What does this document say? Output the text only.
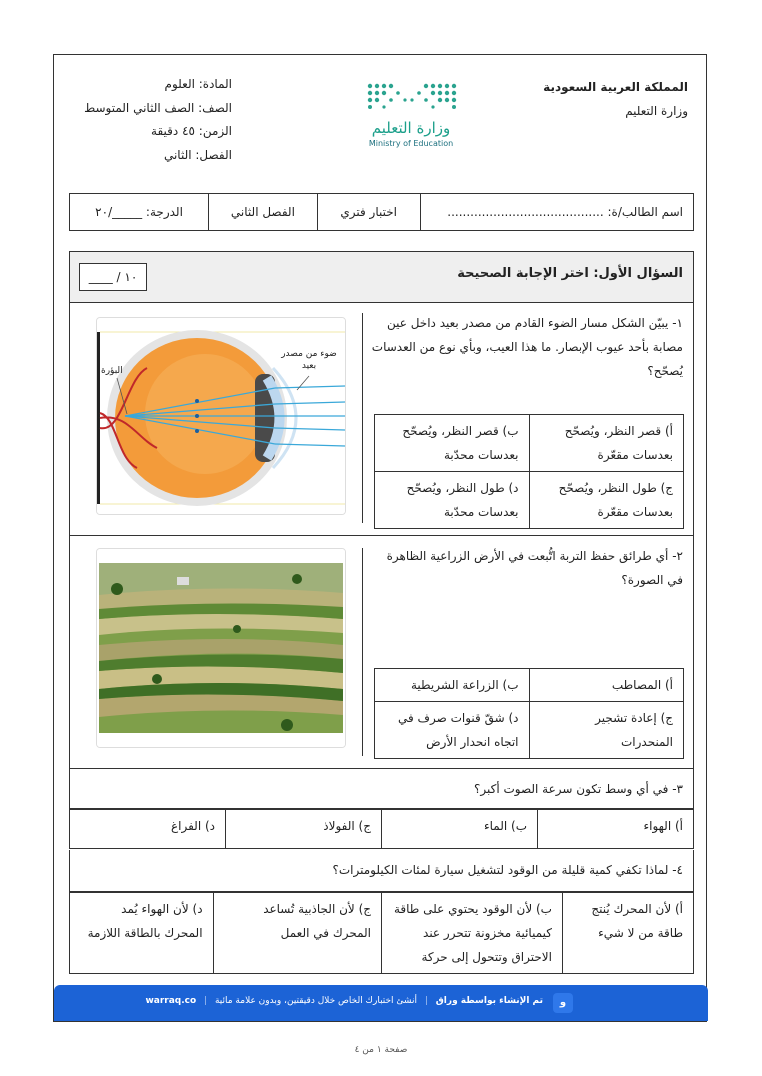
المملكة العربية السعودية
وزارة التعليم
وزارة التعليم
Ministry of Education
المادة: العلوم
الصف: الصف الثاني المتوسط
الزمن: ٤٥ دقيقة
الفصل: الثاني
اسم الطالب/ة: .........................................
اختبار فتري
الفصل الثاني
الدرجة: _____/٢٠
السؤال الأول: اختر الإجابة الصحيحة
____ / ١٠
١- يبيّن الشكل مسار الضوء القادم من مصدر بعيد داخل عين مصابة بأحد عيوب الإبصار. ما هذا العيب، وبأي نوع من العدسات يُصحّح؟
أ) قصر النظر، ويُصحّح بعدسات مقعّرة	ب) قصر النظر، ويُصحّح بعدسات محدّبة
ج) طول النظر، ويُصحّح بعدسات مقعّرة	د) طول النظر، ويُصحّح بعدسات محدّبة
ضوء من مصدر بعيد
البؤرة
٢- أي طرائق حفظ التربة اتُّبعت في الأرض الزراعية الظاهرة في الصورة؟
أ) المصاطب	ب) الزراعة الشريطية
ج) إعادة تشجير المنحدرات	د) شقّ قنوات صرف في اتجاه انحدار الأرض
٣- في أي وسط تكون سرعة الصوت أكبر؟
أ) الهواء	ب) الماء	ج) الفولاذ	د) الفراغ
٤- لماذا تكفي كمية قليلة من الوقود لتشغيل سيارة لمئات الكيلومترات؟
أ) لأن المحرك يُنتج طاقة من لا شيء	ب) لأن الوقود يحتوي على طاقة كيميائية مخزونة تتحرر عند الاحتراق وتتحول إلى حركة	ج) لأن الجاذبية تُساعد المحرك في العمل	د) لأن الهواء يُمد المحرك بالطاقة اللازمة
و
تم الإنشاء بواسطة وراق | أنشئ اختبارك الخاص خلال دقيقتين، وبدون علامة مائية | warraq.co
صفحة ١ من ٤
